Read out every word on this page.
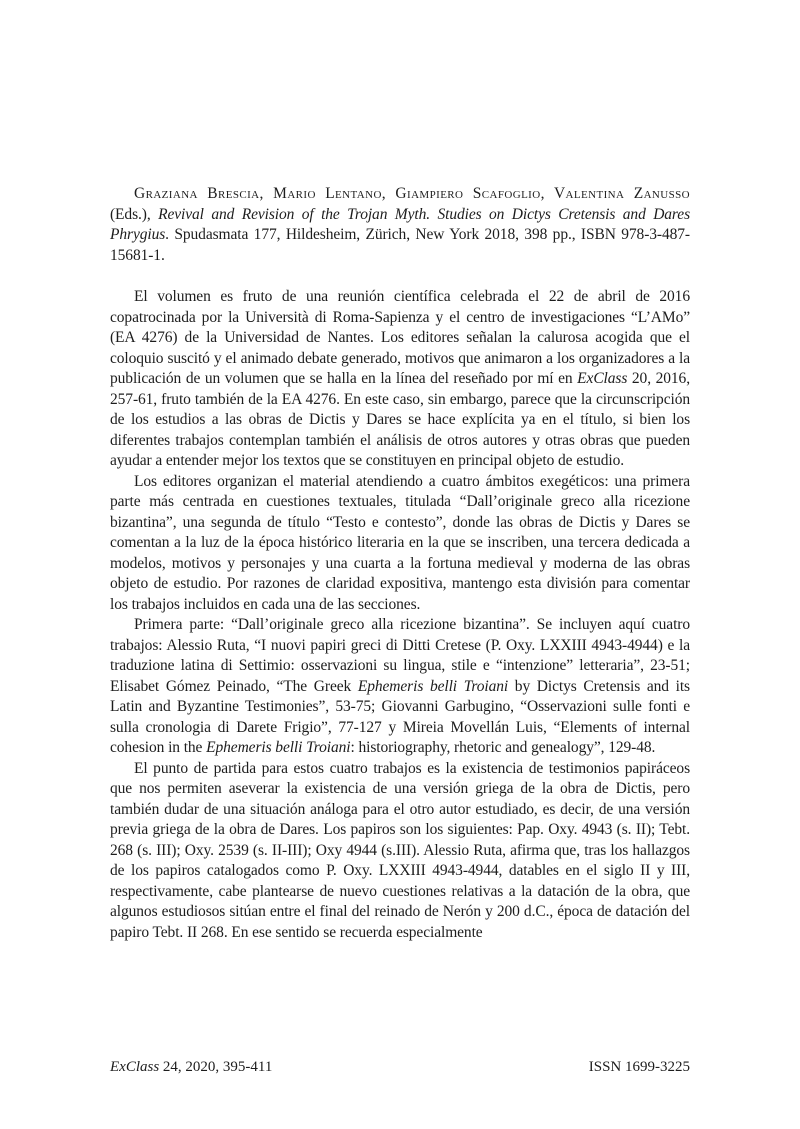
Graziana Brescia, Mario Lentano, Giampiero Scafoglio, Valentina Zanusso (Eds.), Revival and Revision of the Trojan Myth. Studies on Dictys Cretensis and Dares Phrygius. Spudasmata 177, Hildesheim, Zürich, New York 2018, 398 pp., ISBN 978-3-487-15681-1.

El volumen es fruto de una reunión científica celebrada el 22 de abril de 2016 copatrocinada por la Università di Roma-Sapienza y el centro de investigaciones “L’AMo” (EA 4276) de la Universidad de Nantes. Los editores señalan la calurosa acogida que el coloquio suscitó y el animado debate generado, motivos que animaron a los organizadores a la publicación de un volumen que se halla en la línea del reseñado por mí en ExClass 20, 2016, 257-61, fruto también de la EA 4276. En este caso, sin embargo, parece que la circunscripción de los estudios a las obras de Dictis y Dares se hace explícita ya en el título, si bien los diferentes trabajos contemplan también el análisis de otros autores y otras obras que pueden ayudar a entender mejor los textos que se constituyen en principal objeto de estudio.

Los editores organizan el material atendiendo a cuatro ámbitos exegéticos: una primera parte más centrada en cuestiones textuales, titulada “Dall’originale greco alla ricezione bizantina”, una segunda de título “Testo e contesto”, donde las obras de Dictis y Dares se comentan a la luz de la época histórico literaria en la que se inscriben, una tercera dedicada a modelos, motivos y personajes y una cuarta a la fortuna medieval y moderna de las obras objeto de estudio. Por razones de claridad expositiva, mantengo esta división para comentar los trabajos incluidos en cada una de las secciones.

Primera parte: “Dall’originale greco alla ricezione bizantina”. Se incluyen aquí cuatro trabajos: Alessio Ruta, “I nuovi papiri greci di Ditti Cretese (P. Oxy. LXXIII 4943-4944) e la traduzione latina di Settimio: osservazioni su lingua, stile e “intenzione” letteraria”, 23-51; Elisabet Gómez Peinado, “The Greek Ephemeris belli Troiani by Dictys Cretensis and its Latin and Byzantine Testimonies”, 53-75; Giovanni Garbugino, “Osservazioni sulle fonti e sulla cronologia di Darete Frigio”, 77-127 y Mireia Movellán Luis, “Elements of internal cohesion in the Ephemeris belli Troiani: historiography, rhetoric and genealogy”, 129-48.

El punto de partida para estos cuatro trabajos es la existencia de testimonios papiráceos que nos permiten aseverar la existencia de una versión griega de la obra de Dictis, pero también dudar de una situación análoga para el otro autor estudiado, es decir, de una versión previa griega de la obra de Dares. Los papiros son los siguientes: Pap. Oxy. 4943 (s. II); Tebt. 268 (s. III); Oxy. 2539 (s. II-III); Oxy 4944 (s.III). Alessio Ruta, afirma que, tras los hallazgos de los papiros catalogados como P. Oxy. LXXIII 4943-4944, datables en el siglo II y III, respectivamente, cabe plantearse de nuevo cuestiones relativas a la datación de la obra, que algunos estudiosos sitúan entre el final del reinado de Nerón y 200 d.C., época de datación del papiro Tebt. II 268. En ese sentido se recuerda especialmente

ExClass 24, 2020, 395-411	ISSN 1699-3225
